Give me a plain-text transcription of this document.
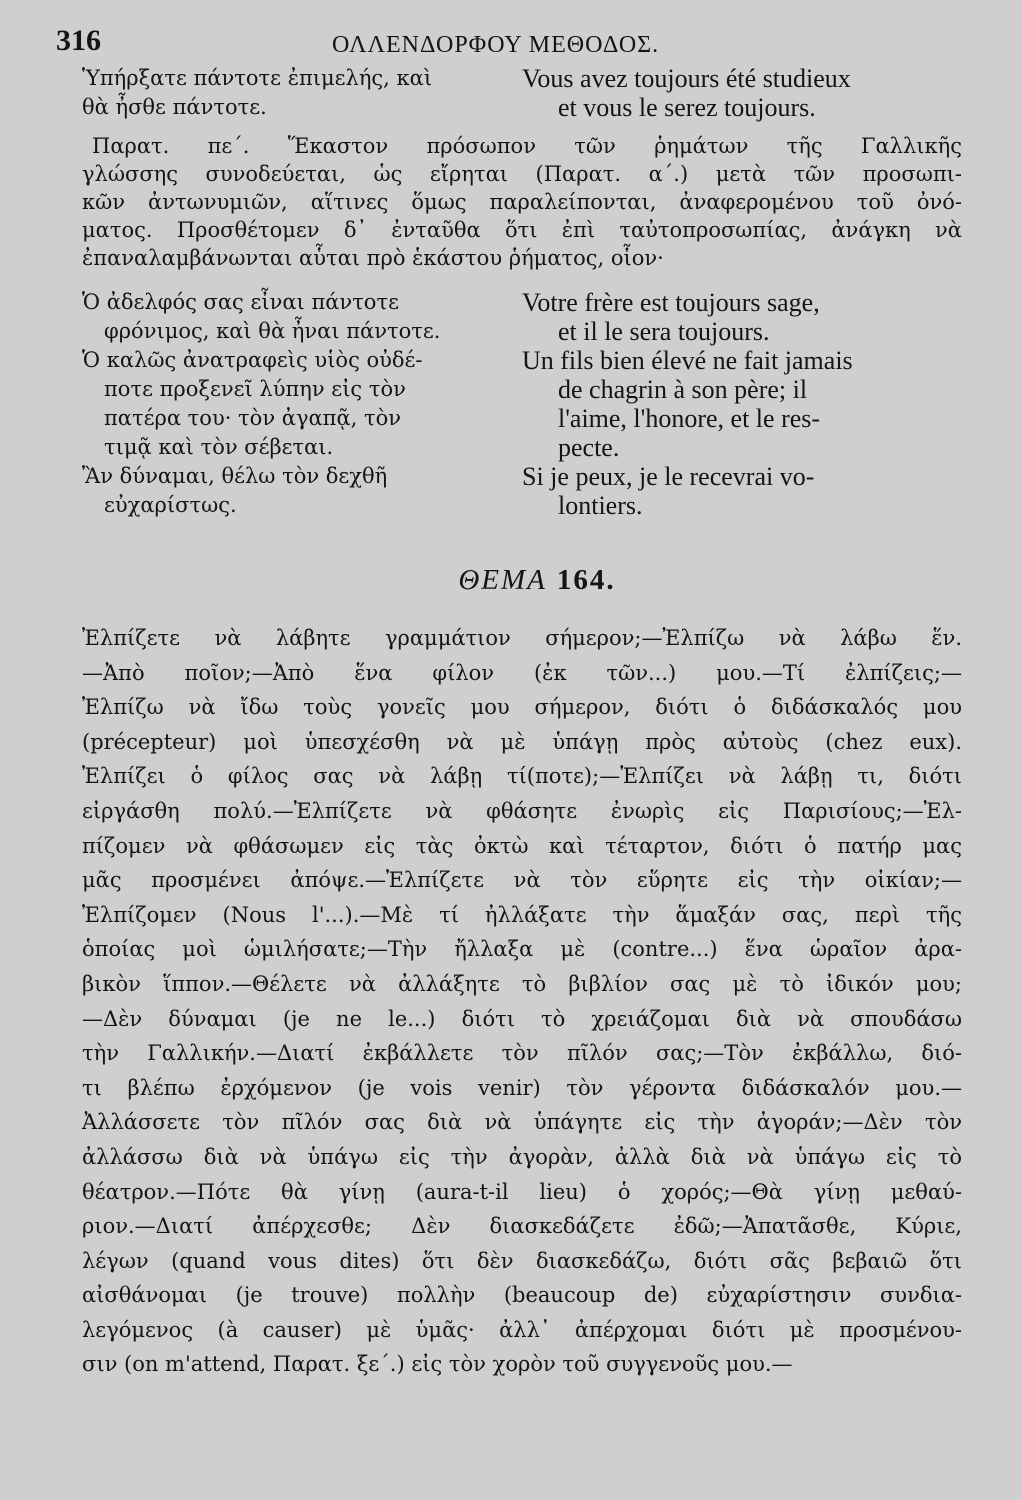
316	ΟΛΛΕΝΔΟΡΦΟΥ ΜΕΘΟΔΟΣ.
Ὑπήρξατε πάντοτε ἐπιμελής, καὶ
θὰ ἦσθε πάντοτε.
Vous avez toujours été studieux
et vous le serez toujours.
Παρατ. πε΄. Ἕκαστον πρόσωπον τῶν ῥημάτων τῆς Γαλλικῆς
γλώσσης συνοδεύεται, ὡς εἴρηται (Παρατ. α΄.) μετὰ τῶν προσωπι-
κῶν ἀντωνυμιῶν, αἵτινες ὅμως παραλείπονται, ἀναφερομένου τοῦ ὀνό-
ματος. Προσθέτομεν δ᾽ ἐνταῦθα ὅτι ἐπὶ ταὐτοπροσωπίας, ἀνάγκη νὰ
ἐπαναλαμβάνωνται αὗται πρὸ ἑκάστου ῥήματος, οἷον·
Ὁ ἀδελφός σας εἶναι πάντοτε
φρόνιμος, καὶ θὰ ἦναι πάντοτε.
Ὁ καλῶς ἀνατραφεὶς υἱὸς οὐδέ-
ποτε προξενεῖ λύπην εἰς τὸν
πατέρα του· τὸν ἀγαπᾷ, τὸν
τιμᾷ καὶ τὸν σέβεται.
Ἂν δύναμαι, θέλω τὸν δεχθῆ
εὐχαρίστως.
Votre frère est toujours sage,
et il le sera toujours.
Un fils bien élevé ne fait jamais
de chagrin à son père; il
l'aime, l'honore, et le res-
pecte.
Si je peux, je le recevrai vo-
lontiers.
ΘΕΜΑ 164.
Ἐλπίζετε νὰ λάβητε γραμμάτιον σήμερον;—Ἐλπίζω νὰ λάβω ἕν.
—Ἀπὸ ποῖον;—Ἀπὸ ἕνα φίλον (ἐκ τῶν...) μου.—Τί ἐλπίζεις;—
Ἐλπίζω νὰ ἴδω τοὺς γονεῖς μου σήμερον, διότι ὁ διδάσκαλός μου
(précepteur) μοὶ ὑπεσχέσθη νὰ μὲ ὑπάγῃ πρὸς αὐτοὺς (chez eux).
Ἐλπίζει ὁ φίλος σας νὰ λάβῃ τί(ποτε);—Ἐλπίζει νὰ λάβῃ τι, διότι
εἰργάσθη πολύ.—Ἐλπίζετε νὰ φθάσητε ἐνωρὶς εἰς Παρισίους;—Ἐλ-
πίζομεν νὰ φθάσωμεν εἰς τὰς ὀκτὼ καὶ τέταρτον, διότι ὁ πατήρ μας
μᾶς προσμένει ἀπόψε.—Ἐλπίζετε νὰ τὸν εὕρητε εἰς τὴν οἰκίαν;—
Ἐλπίζομεν (Nous l'...).—Μὲ τί ἠλλάξατε τὴν ἅμαξάν σας, περὶ τῆς
ὁποίας μοὶ ὡμιλήσατε;—Τὴν ἤλλαξα μὲ (contre...) ἕνα ὡραῖον ἀρα-
βικὸν ἵππον.—Θέλετε νὰ ἀλλάξητε τὸ βιβλίον σας μὲ τὸ ἰδικόν μου;
—Δὲν δύναμαι (je ne le...) διότι τὸ χρειάζομαι διὰ νὰ σπουδάσω
τὴν Γαλλικήν.—Διατί ἐκβάλλετε τὸν πῖλόν σας;—Τὸν ἐκβάλλω, διό-
τι βλέπω ἐρχόμενον (je vois venir) τὸν γέροντα διδάσκαλόν μου.—
Ἀλλάσσετε τὸν πῖλόν σας διὰ νὰ ὑπάγητε εἰς τὴν ἀγοράν;—Δὲν τὸν
ἀλλάσσω διὰ νὰ ὑπάγω εἰς τὴν ἀγορὰν, ἀλλὰ διὰ νὰ ὑπάγω εἰς τὸ
θέατρον.—Πότε θὰ γίνῃ (aura-t-il lieu) ὁ χορός;—Θὰ γίνῃ μεθαύ-
ριον.—Διατί ἀπέρχεσθε; Δὲν διασκεδάζετε ἐδῶ;—Ἀπατᾶσθε, Κύριε,
λέγων (quand vous dites) ὅτι δὲν διασκεδάζω, διότι σᾶς βεβαιῶ ὅτι
αἰσθάνομαι (je trouve) πολλὴν (beaucoup de) εὐχαρίστησιν συνδια-
λεγόμενος (à causer) μὲ ὑμᾶς· ἀλλ᾽ ἀπέρχομαι διότι μὲ προσμένου-
σιν (on m'attend, Παρατ. ξε΄.) εἰς τὸν χορὸν τοῦ συγγενοῦς μου.—
